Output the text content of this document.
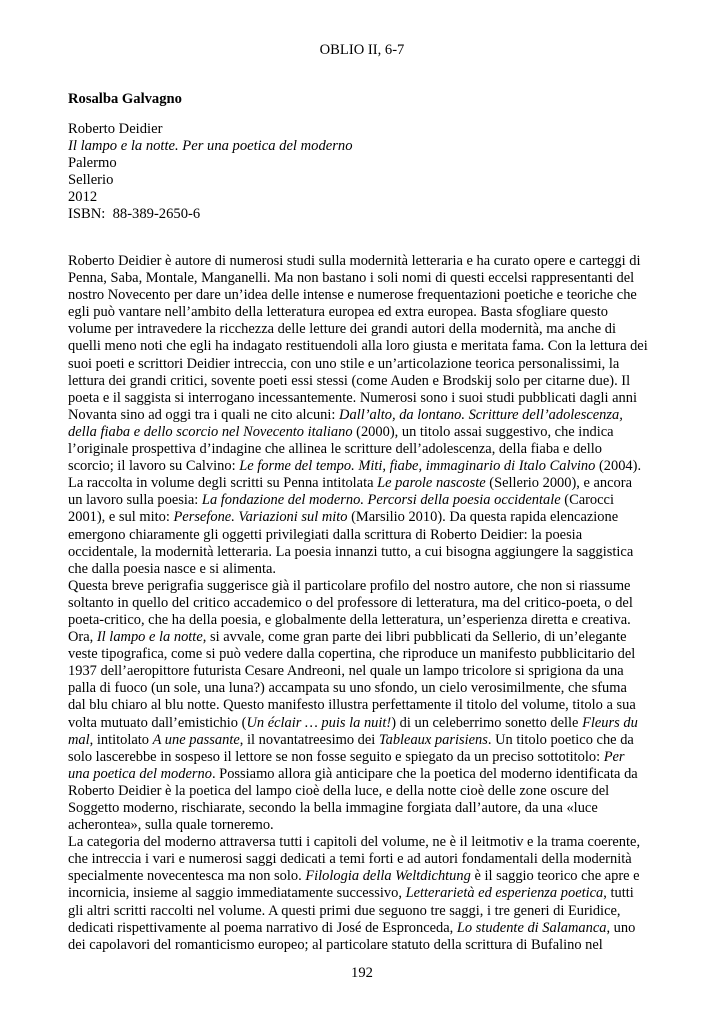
OBLIO II, 6-7
Rosalba Galvagno
Roberto Deidier
Il lampo e la notte. Per una poetica del moderno
Palermo
Sellerio
2012
ISBN:  88-389-2650-6

Roberto Deidier è autore di numerosi studi sulla modernità letteraria e ha curato opere e carteggi di
Penna, Saba, Montale, Manganelli. Ma non bastano i soli nomi di questi eccelsi rappresentanti del
nostro Novecento per dare un’idea delle intense e numerose frequentazioni poetiche e teoriche che
egli può vantare nell’ambito della letteratura europea ed extra europea. Basta sfogliare questo
volume per intravedere la ricchezza delle letture dei grandi autori della modernità, ma anche di
quelli meno noti che egli ha indagato restituendoli alla loro giusta e meritata fama. Con la lettura dei
suoi poeti e scrittori Deidier intreccia, con uno stile e un’articolazione teorica personalissimi, la
lettura dei grandi critici, sovente poeti essi stessi (come Auden e Brodskij solo per citarne due). Il
poeta e il saggista si interrogano incessantemente. Numerosi sono i suoi studi pubblicati dagli anni
Novanta sino ad oggi tra i quali ne cito alcuni: Dall’alto, da lontano. Scritture dell’adolescenza,
della fiaba e dello scorcio nel Novecento italiano (2000), un titolo assai suggestivo, che indica
l’originale prospettiva d’indagine che allinea le scritture dell’adolescenza, della fiaba e dello
scorcio; il lavoro su Calvino: Le forme del tempo. Miti, fiabe, immaginario di Italo Calvino (2004).
La raccolta in volume degli scritti su Penna intitolata Le parole nascoste (Sellerio 2000), e ancora
un lavoro sulla poesia: La fondazione del moderno. Percorsi della poesia occidentale (Carocci
2001), e sul mito: Persefone. Variazioni sul mito (Marsilio 2010). Da questa rapida elencazione
emergono chiaramente gli oggetti privilegiati dalla scrittura di Roberto Deidier: la poesia
occidentale, la modernità letteraria. La poesia innanzi tutto, a cui bisogna aggiungere la saggistica
che dalla poesia nasce e si alimenta.

Questa breve perigrafia suggerisce già il particolare profilo del nostro autore, che non si riassume
soltanto in quello del critico accademico o del professore di letteratura, ma del critico-poeta, o del
poeta-critico, che ha della poesia, e globalmente della letteratura, un’esperienza diretta e creativa.
Ora, Il lampo e la notte, si avvale, come gran parte dei libri pubblicati da Sellerio, di un’elegante
veste tipografica, come si può vedere dalla copertina, che riproduce un manifesto pubblicitario del
1937 dell’aeropittore futurista Cesare Andreoni, nel quale un lampo tricolore si sprigiona da una
palla di fuoco (un sole, una luna?) accampata su uno sfondo, un cielo verosimilmente, che sfuma
dal blu chiaro al blu notte. Questo manifesto illustra perfettamente il titolo del volume, titolo a sua
volta mutuato dall’emistichio (Un éclair … puis la nuit!) di un celeberrimo sonetto delle Fleurs du
mal, intitolato A une passante, il novantatreesimo dei Tableaux parisiens. Un titolo poetico che da
solo lascerebbe in sospeso il lettore se non fosse seguito e spiegato da un preciso sottotitolo: Per
una poetica del moderno. Possiamo allora già anticipare che la poetica del moderno identificata da
Roberto Deidier è la poetica del lampo cioè della luce, e della notte cioè delle zone oscure del
Soggetto moderno, rischiarate, secondo la bella immagine forgiata dall’autore, da una «luce
acherontea», sulla quale torneremo.

La categoria del moderno attraversa tutti i capitoli del volume, ne è il leitmotiv e la trama coerente,
che intreccia i vari e numerosi saggi dedicati a temi forti e ad autori fondamentali della modernità
specialmente novecentesca ma non solo. Filologia della Weltdichtung è il saggio teorico che apre e
incornicia, insieme al saggio immediatamente successivo, Letterarietà ed esperienza poetica, tutti
gli altri scritti raccolti nel volume. A questi primi due seguono tre saggi, i tre generi di Euridice,
dedicati rispettivamente al poema narrativo di José de Espronceda, Lo studente di Salamanca, uno
dei capolavori del romanticismo europeo; al particolare statuto della scrittura di Bufalino nel

192
